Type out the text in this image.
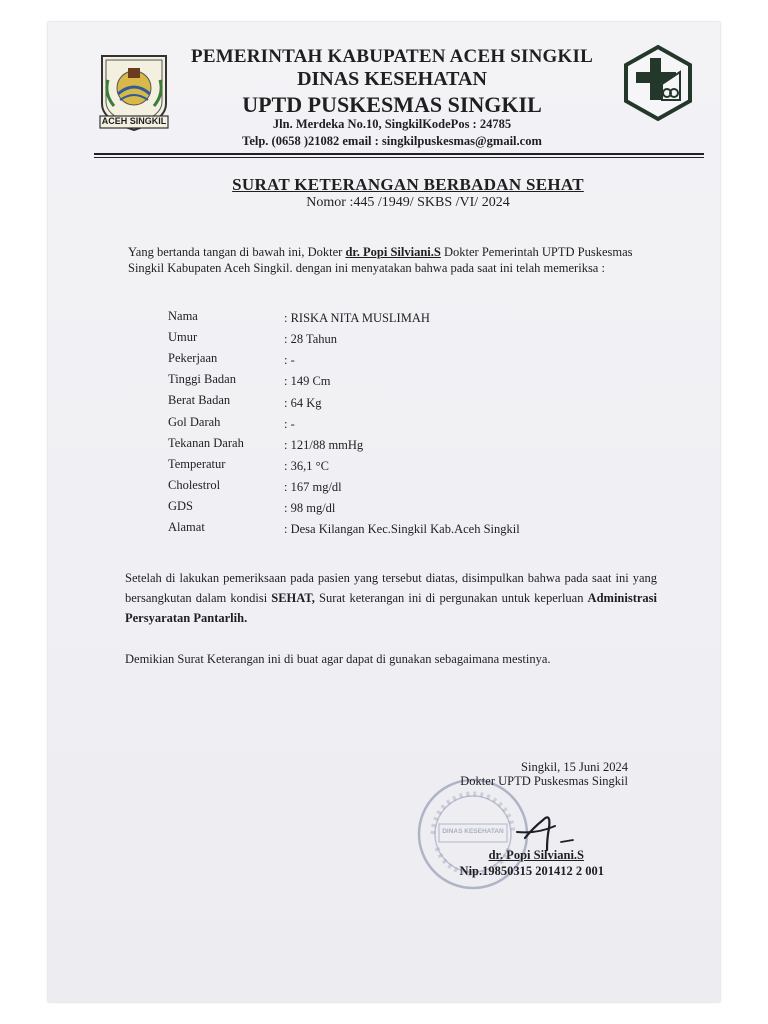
ACEH SINGKIL
PEMERINTAH KABUPATEN ACEH SINGKIL
DINAS KESEHATAN
UPTD PUSKESMAS SINGKIL
Jln. Merdeka No.10, SingkilKodePos : 24785
Telp. (0658 )21082 email : singkilpuskesmas@gmail.com
SURAT KETERANGAN BERBADAN SEHAT
Nomor :445 /1949/ SKBS /VI/ 2024
Yang bertanda tangan di bawah ini, Dokter dr. Popi Silviani.S Dokter Pemerintah UPTD Puskesmas Singkil Kabupaten Aceh Singkil. dengan ini menyatakan bahwa pada saat ini telah memeriksa :
Nama	: RISKA NITA MUSLIMAH
Umur	: 28 Tahun
Pekerjaan	: -
Tinggi Badan	: 149 Cm
Berat Badan	: 64 Kg
Gol Darah	: -
Tekanan Darah	: 121/88 mmHg
Temperatur	: 36,1 °C
Cholestrol	: 167 mg/dl
GDS	: 98 mg/dl
Alamat	: Desa Kilangan Kec.Singkil Kab.Aceh Singkil
Setelah di lakukan pemeriksaan pada pasien yang tersebut diatas, disimpulkan bahwa pada saat ini yang bersangkutan dalam kondisi SEHAT, Surat keterangan ini di pergunakan untuk keperluan Administrasi Persyaratan Pantarlih.
Demikian Surat Keterangan ini di buat agar dapat di gunakan sebagaimana mestinya.
DINAS KESEHATAN
Singkil, 15 Juni 2024
Dokter UPTD Puskesmas Singkil
dr. Popi Silviani.S
Nip.19850315 201412 2 001
